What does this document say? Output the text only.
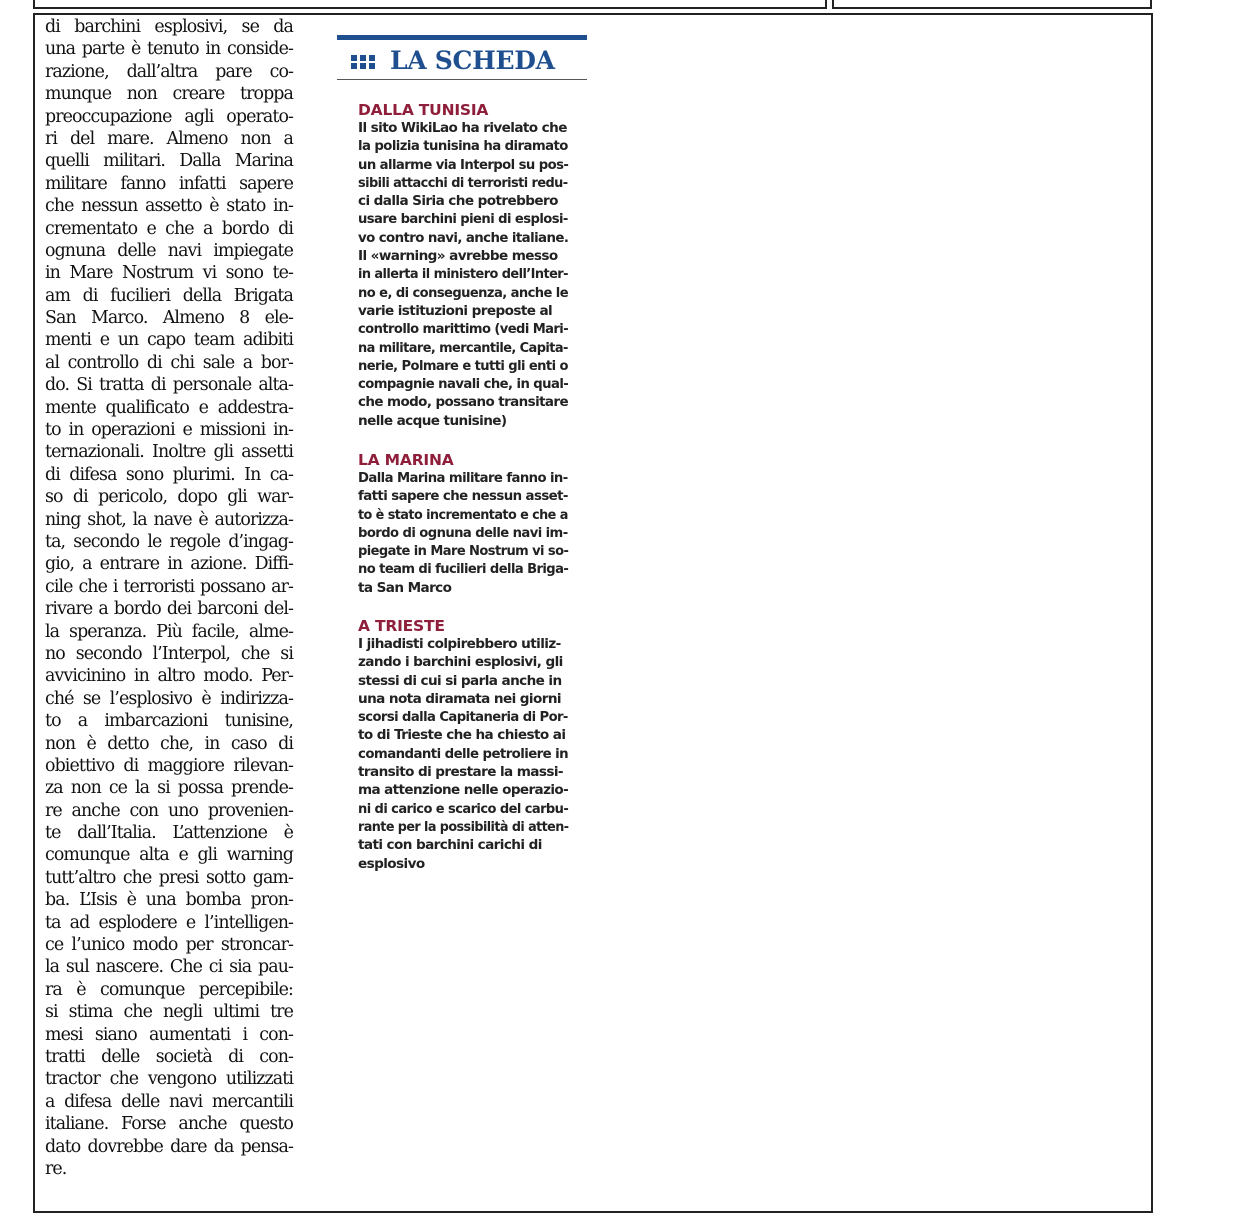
di barchini esplosivi, se da
una parte è tenuto in conside-
razione, dall’altra pare co-
munque non creare troppa
preoccupazione agli operato-
ri del mare. Almeno non a
quelli militari. Dalla Marina
militare fanno infatti sapere
che nessun assetto è stato in-
crementato e che a bordo di
ognuna delle navi impiegate
in Mare Nostrum vi sono te-
am di fucilieri della Brigata
San Marco. Almeno 8 ele-
menti e un capo team adibiti
al controllo di chi sale a bor-
do. Si tratta di personale alta-
mente qualificato e addestra-
to in operazioni e missioni in-
ternazionali. Inoltre gli assetti
di difesa sono plurimi. In ca-
so di pericolo, dopo gli war-
ning shot, la nave è autorizza-
ta, secondo le regole d’ingag-
gio, a entrare in azione. Diffi-
cile che i terroristi possano ar-
rivare a bordo dei barconi del-
la speranza. Più facile, alme-
no secondo l’Interpol, che si
avvicinino in altro modo. Per-
ché se l’esplosivo è indirizza-
to a imbarcazioni tunisine,
non è detto che, in caso di
obiettivo di maggiore rilevan-
za non ce la si possa prende-
re anche con uno provenien-
te dall’Italia. L’attenzione è
comunque alta e gli warning
tutt’altro che presi sotto gam-
ba. L’Isis è una bomba pron-
ta ad esplodere e l’intelligen-
ce l’unico modo per stroncar-
la sul nascere. Che ci sia pau-
ra è comunque percepibile:
si stima che negli ultimi tre
mesi siano aumentati i con-
tratti delle società di con-
tractor che vengono utilizzati
a difesa delle navi mercantili
italiane. Forse anche questo
dato dovrebbe dare da pensa-
re.
LA SCHEDA
DALLA TUNISIA
Il sito WikiLao ha rivelato che
la polizia tunisina ha diramato
un allarme via Interpol su pos-
sibili attacchi di terroristi redu-
ci dalla Siria che potrebbero
usare barchini pieni di esplosi-
vo contro navi, anche italiane.
Il «warning» avrebbe messo
in allerta il ministero dell’Inter-
no e, di conseguenza, anche le
varie istituzioni preposte al
controllo marittimo (vedi Mari-
na militare, mercantile, Capita-
nerie, Polmare e tutti gli enti o
compagnie navali che, in qual-
che modo, possano transitare
nelle acque tunisine)
LA MARINA
Dalla Marina militare fanno in-
fatti sapere che nessun asset-
to è stato incrementato e che a
bordo di ognuna delle navi im-
piegate in Mare Nostrum vi so-
no team di fucilieri della Briga-
ta San Marco
A TRIESTE
I jihadisti colpirebbero utiliz-
zando i barchini esplosivi, gli
stessi di cui si parla anche in
una nota diramata nei giorni
scorsi dalla Capitaneria di Por-
to di Trieste che ha chiesto ai
comandanti delle petroliere in
transito di prestare la massi-
ma attenzione nelle operazio-
ni di carico e scarico del carbu-
rante per la possibilità di atten-
tati con barchini carichi di
esplosivo
